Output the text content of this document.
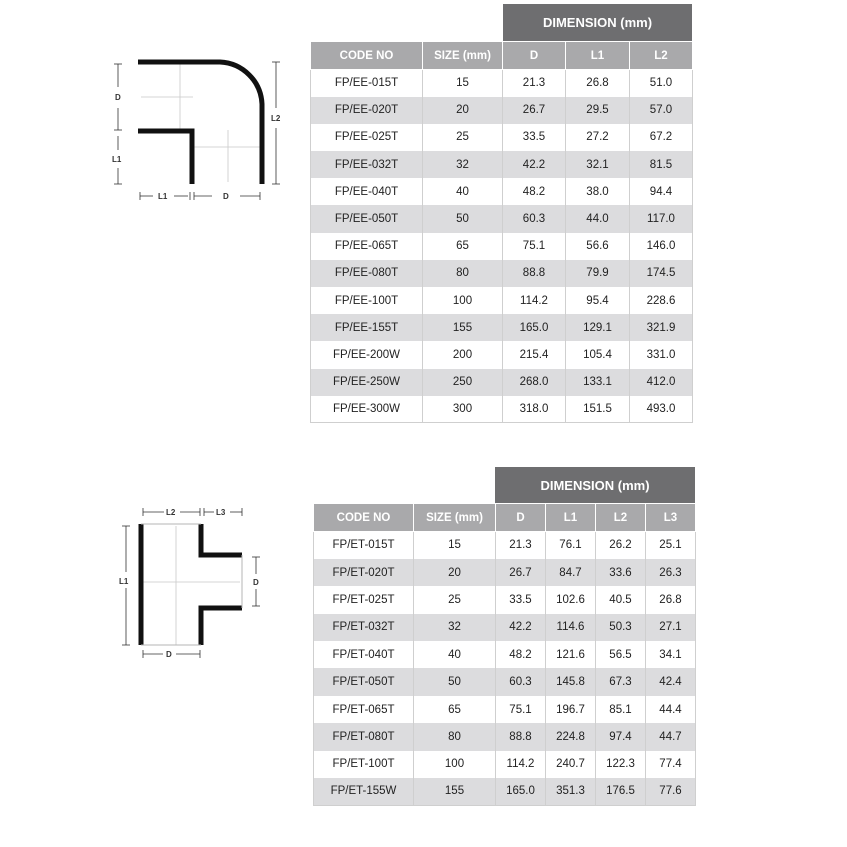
D
L1
L2
L1	D
DIMENSION (mm)
CODE NO	SIZE (mm)	D	L1	L2
FP/EE-015T	15	21.3	26.8	51.0
FP/EE-020T	20	26.7	29.5	57.0
FP/EE-025T	25	33.5	27.2	67.2
FP/EE-032T	32	42.2	32.1	81.5
FP/EE-040T	40	48.2	38.0	94.4
FP/EE-050T	50	60.3	44.0	117.0
FP/EE-065T	65	75.1	56.6	146.0
FP/EE-080T	80	88.8	79.9	174.5
FP/EE-100T	100	114.2	95.4	228.6
FP/EE-155T	155	165.0	129.1	321.9
FP/EE-200W	200	215.4	105.4	331.0
FP/EE-250W	250	268.0	133.1	412.0
FP/EE-300W	300	318.0	151.5	493.0
L2	L3
L1	D
D
DIMENSION (mm)
CODE NO	SIZE (mm)	D	L1	L2	L3
FP/ET-015T	15	21.3	76.1	26.2	25.1
FP/ET-020T	20	26.7	84.7	33.6	26.3
FP/ET-025T	25	33.5	102.6	40.5	26.8
FP/ET-032T	32	42.2	114.6	50.3	27.1
FP/ET-040T	40	48.2	121.6	56.5	34.1
FP/ET-050T	50	60.3	145.8	67.3	42.4
FP/ET-065T	65	75.1	196.7	85.1	44.4
FP/ET-080T	80	88.8	224.8	97.4	44.7
FP/ET-100T	100	114.2	240.7	122.3	77.4
FP/ET-155W	155	165.0	351.3	176.5	77.6
